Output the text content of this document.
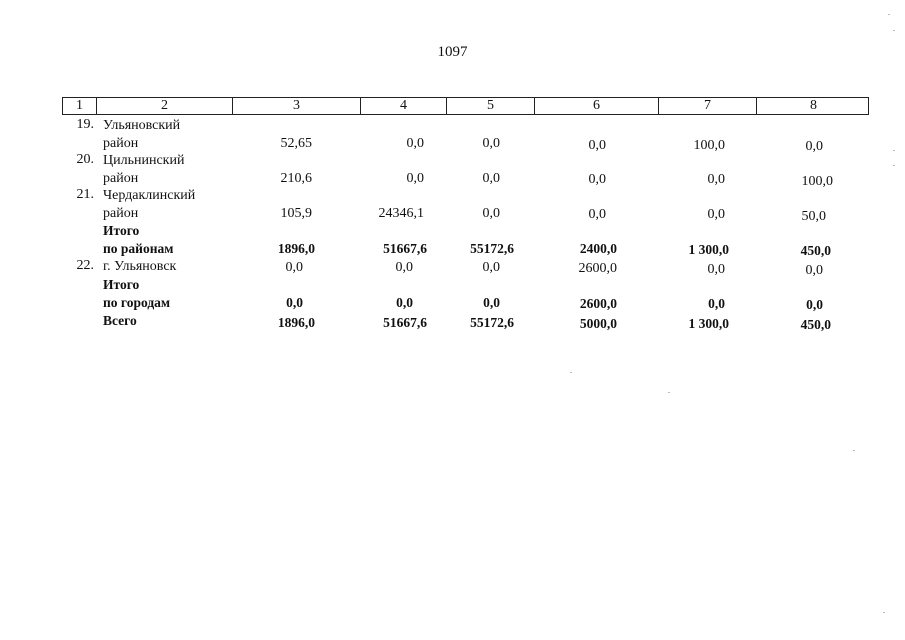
1097
1	2	3	4	5	6	7	8
19. Ульяновский
район	52,65	0,0	0,0	0,0	100,0	0,0
20. Цильнинский
район	210,6	0,0	0,0	0,0	0,0	100,0
21. Чердаклинский
район	105,9	24346,1	0,0	0,0	0,0	50,0
Итого
по районам	1896,0	51667,6	55172,6	2400,0	1 300,0	450,0
22. г. Ульяновск	0,0	0,0	0,0	2600,0	0,0	0,0
Итого
по городам	0,0	0,0	0,0	2600,0	0,0	0,0
Всего	1896,0	51667,6	55172,6	5000,0	1 300,0	450,0
